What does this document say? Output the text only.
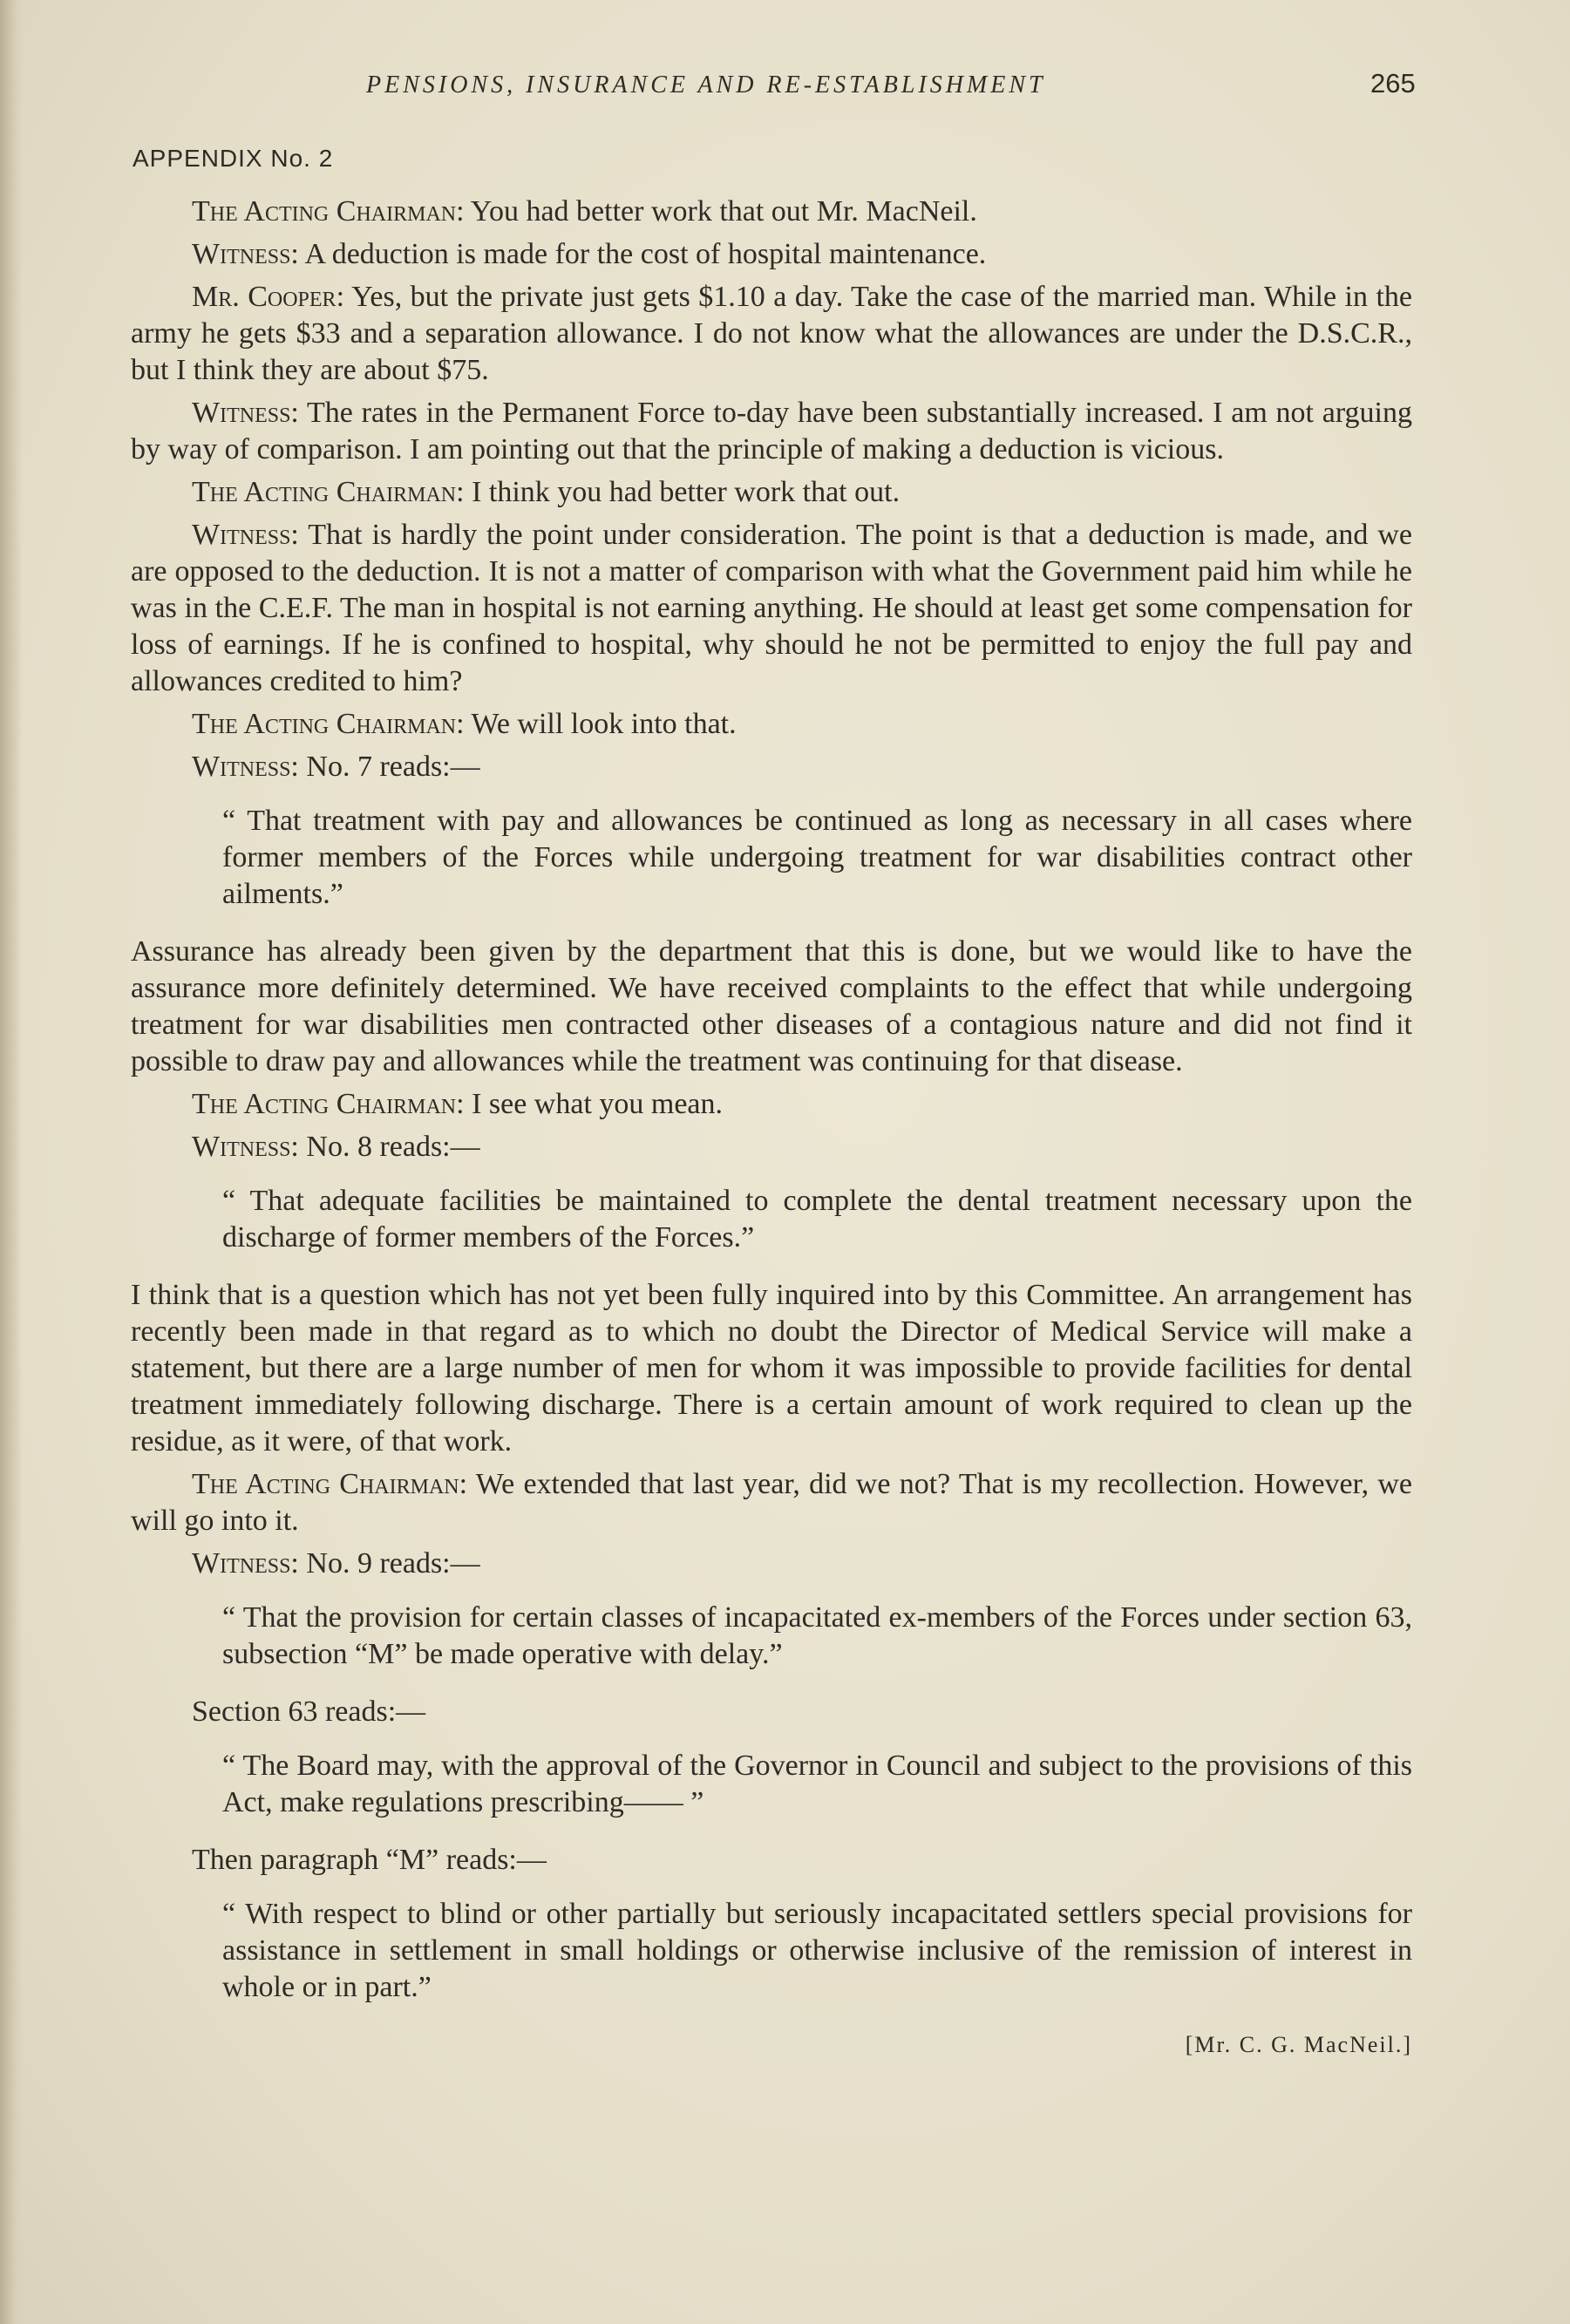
PENSIONS, INSURANCE AND RE-ESTABLISHMENT	265
APPENDIX No. 2

The Acting Chairman: You had better work that out Mr. MacNeil.

Witness: A deduction is made for the cost of hospital maintenance.

Mr. Cooper: Yes, but the private just gets $1.10 a day. Take the case of the married man. While in the army he gets $33 and a separation allowance. I do not know what the allowances are under the D.S.C.R., but I think they are about $75.

Witness: The rates in the Permanent Force to-day have been substantially increased. I am not arguing by way of comparison. I am pointing out that the principle of making a deduction is vicious.

The Acting Chairman: I think you had better work that out.

Witness: That is hardly the point under consideration. The point is that a deduction is made, and we are opposed to the deduction. It is not a matter of comparison with what the Government paid him while he was in the C.E.F. The man in hospital is not earning anything. He should at least get some compensation for loss of earnings. If he is confined to hospital, why should he not be permitted to enjoy the full pay and allowances credited to him?

The Acting Chairman: We will look into that.

Witness: No. 7 reads:—

“ That treatment with pay and allowances be continued as long as necessary in all cases where former members of the Forces while undergoing treatment for war disabilities contract other ailments.”

Assurance has already been given by the department that this is done, but we would like to have the assurance more definitely determined. We have received complaints to the effect that while undergoing treatment for war disabilities men contracted other diseases of a contagious nature and did not find it possible to draw pay and allowances while the treatment was continuing for that disease.

The Acting Chairman: I see what you mean.

Witness: No. 8 reads:—

“ That adequate facilities be maintained to complete the dental treatment necessary upon the discharge of former members of the Forces.”

I think that is a question which has not yet been fully inquired into by this Committee. An arrangement has recently been made in that regard as to which no doubt the Director of Medical Service will make a statement, but there are a large number of men for whom it was impossible to provide facilities for dental treatment immediately following discharge. There is a certain amount of work required to clean up the residue, as it were, of that work.

The Acting Chairman: We extended that last year, did we not? That is my recollection. However, we will go into it.

Witness: No. 9 reads:—

“ That the provision for certain classes of incapacitated ex-members of the Forces under section 63, subsection “M” be made operative with delay.”

Section 63 reads:—

“ The Board may, with the approval of the Governor in Council and subject to the provisions of this Act, make regulations prescribing—— ”

Then paragraph “M” reads:—

“ With respect to blind or other partially but seriously incapacitated settlers special provisions for assistance in settlement in small holdings or otherwise inclusive of the remission of interest in whole or in part.”

[Mr. C. G. MacNeil.]
